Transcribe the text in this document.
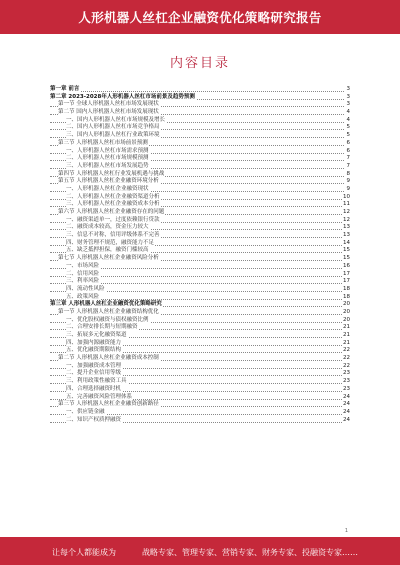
人形机器人丝杠企业融资优化策略研究报告
内容目录
第一章 前言	3
第二章 2023-2028年人形机器人丝杠市场前景及趋势预测	3
第一节 全球人形机器人丝杠市场发展现状	3
第二节 国内人形机器人丝杠市场发展现状	4
一、国内人形机器人丝杠市场规模及增长	4
二、国内人形机器人丝杠市场竞争格局	5
三、国内人形机器人丝杠行业政策环境	5
第三节 人形机器人丝杠市场前景预测	6
一、人形机器人丝杠市场需求预测	6
二、人形机器人丝杠市场规模预测	7
三、人形机器人丝杠市场发展趋势	7
第四节 人形机器人丝杠行业发展机遇与挑战	8
第五节 人形机器人丝杠企业融资环境分析	9
一、人形机器人丝杠企业融资现状	9
二、人形机器人丝杠企业融资渠道分析	10
三、人形机器人丝杠企业融资成本分析	11
第六节 人形机器人丝杠企业融资存在的问题	12
一、融资渠道单一，过度依赖银行贷款	12
二、融资成本较高，资金压力较大	13
三、信息不对称，信用评级体系不完善	13
四、财务管理不规范，融资能力不足	14
五、缺乏抵押担保，融资门槛较高	15
第七节 人形机器人丝杠企业融资风险分析	15
一、市场风险	16
二、信用风险	17
三、利率风险	17
四、流动性风险	18
五、政策风险	18
第三章 人形机器人丝杠企业融资优化策略研究	20
第一节 人形机器人丝杠企业融资结构优化	20
一、优化股权融资与债权融资比例	20
二、合理安排长期与短期融资	21
三、拓展多元化融资渠道	21
四、加强内源融资能力	21
五、优化融资期限结构	22
第二节 人形机器人丝杠企业融资成本控制	22
一、加强融资成本管理	22
二、提升企业信用等级	23
三、利用政策性融资工具	23
四、合理选择融资时机	23
五、完善融资风险管理体系	24
第三节 人形机器人丝杠企业融资创新路径	24
一、供应链金融	24
二、知识产权质押融资	24
1
让每个人都能成为	战略专家、管理专家、营销专家、财务专家、投融资专家……
